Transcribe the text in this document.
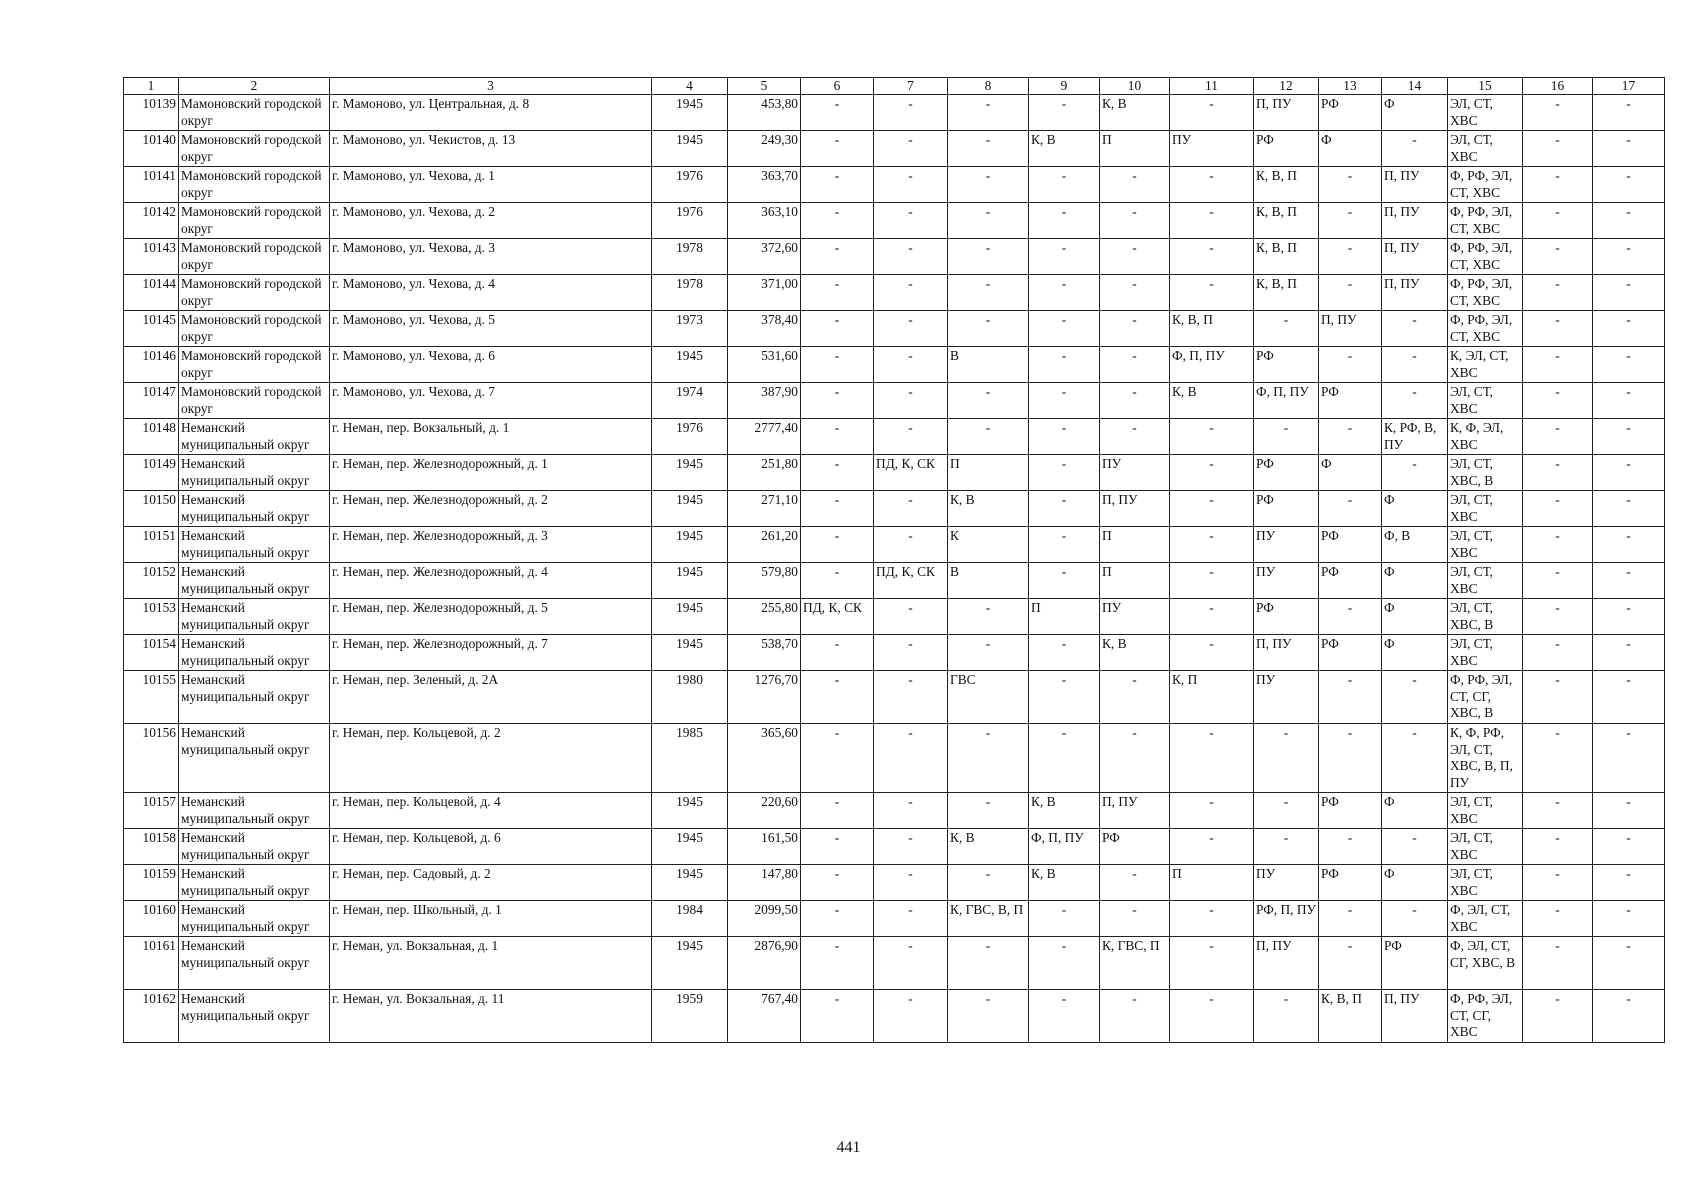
1	2	3	4	5	6	7	8	9	10	11	12	13	14	15	16	17
10139	Мамоновский городской округ	г. Мамоново, ул. Центральная, д. 8	1945	453,80	-	-	-	-	К, В	-	П, ПУ	РФ	Ф	ЭЛ, СТ, ХВС	-	-
10140	Мамоновский городской округ	г. Мамоново, ул. Чекистов, д. 13	1945	249,30	-	-	-	К, В	П	ПУ	РФ	Ф	-	ЭЛ, СТ, ХВС	-	-
10141	Мамоновский городской округ	г. Мамоново, ул. Чехова, д. 1	1976	363,70	-	-	-	-	-	-	К, В, П	-	П, ПУ	Ф, РФ, ЭЛ, СТ, ХВС	-	-
10142	Мамоновский городской округ	г. Мамоново, ул. Чехова, д. 2	1976	363,10	-	-	-	-	-	-	К, В, П	-	П, ПУ	Ф, РФ, ЭЛ, СТ, ХВС	-	-
10143	Мамоновский городской округ	г. Мамоново, ул. Чехова, д. 3	1978	372,60	-	-	-	-	-	-	К, В, П	-	П, ПУ	Ф, РФ, ЭЛ, СТ, ХВС	-	-
10144	Мамоновский городской округ	г. Мамоново, ул. Чехова, д. 4	1978	371,00	-	-	-	-	-	-	К, В, П	-	П, ПУ	Ф, РФ, ЭЛ, СТ, ХВС	-	-
10145	Мамоновский городской округ	г. Мамоново, ул. Чехова, д. 5	1973	378,40	-	-	-	-	-	К, В, П	-	П, ПУ	-	Ф, РФ, ЭЛ, СТ, ХВС	-	-
10146	Мамоновский городской округ	г. Мамоново, ул. Чехова, д. 6	1945	531,60	-	-	В	-	-	Ф, П, ПУ	РФ	-	-	К, ЭЛ, СТ, ХВС	-	-
10147	Мамоновский городской округ	г. Мамоново, ул. Чехова, д. 7	1974	387,90	-	-	-	-	-	К, В	Ф, П, ПУ	РФ	-	ЭЛ, СТ, ХВС	-	-
10148	Неманский муниципальный округ	г. Неман, пер. Вокзальный, д. 1	1976	2777,40	-	-	-	-	-	-	-	-	К, РФ, В, ПУ	К, Ф, ЭЛ, ХВС	-	-
10149	Неманский муниципальный округ	г. Неман, пер. Железнодорожный, д. 1	1945	251,80	-	ПД, К, СК	П	-	ПУ	-	РФ	Ф	-	ЭЛ, СТ, ХВС, В	-	-
10150	Неманский муниципальный округ	г. Неман, пер. Железнодорожный, д. 2	1945	271,10	-	-	К, В	-	П, ПУ	-	РФ	-	Ф	ЭЛ, СТ, ХВС	-	-
10151	Неманский муниципальный округ	г. Неман, пер. Железнодорожный, д. 3	1945	261,20	-	-	К	-	П	-	ПУ	РФ	Ф, В	ЭЛ, СТ, ХВС	-	-
10152	Неманский муниципальный округ	г. Неман, пер. Железнодорожный, д. 4	1945	579,80	-	ПД, К, СК	В	-	П	-	ПУ	РФ	Ф	ЭЛ, СТ, ХВС	-	-
10153	Неманский муниципальный округ	г. Неман, пер. Железнодорожный, д. 5	1945	255,80	ПД, К, СК	-	-	П	ПУ	-	РФ	-	Ф	ЭЛ, СТ, ХВС, В	-	-
10154	Неманский муниципальный округ	г. Неман, пер. Железнодорожный, д. 7	1945	538,70	-	-	-	-	К, В	-	П, ПУ	РФ	Ф	ЭЛ, СТ, ХВС	-	-
10155	Неманский муниципальный округ	г. Неман, пер. Зеленый, д. 2А	1980	1276,70	-	-	ГВС	-	-	К, П	ПУ	-	-	Ф, РФ, ЭЛ, СТ, СГ, ХВС, В	-	-
10156	Неманский муниципальный округ	г. Неман, пер. Кольцевой, д. 2	1985	365,60	-	-	-	-	-	-	-	-	-	К, Ф, РФ, ЭЛ, СТ, ХВС, В, П, ПУ	-	-
10157	Неманский муниципальный округ	г. Неман, пер. Кольцевой, д. 4	1945	220,60	-	-	-	К, В	П, ПУ	-	-	РФ	Ф	ЭЛ, СТ, ХВС	-	-
10158	Неманский муниципальный округ	г. Неман, пер. Кольцевой, д. 6	1945	161,50	-	-	К, В	Ф, П, ПУ	РФ	-	-	-	-	ЭЛ, СТ, ХВС	-	-
10159	Неманский муниципальный округ	г. Неман, пер. Садовый, д. 2	1945	147,80	-	-	-	К, В	-	П	ПУ	РФ	Ф	ЭЛ, СТ, ХВС	-	-
10160	Неманский муниципальный округ	г. Неман, пер. Школьный, д. 1	1984	2099,50	-	-	К, ГВС, В, П	-	-	-	РФ, П, ПУ	-	-	Ф, ЭЛ, СТ, ХВС	-	-
10161	Неманский муниципальный округ	г. Неман, ул. Вокзальная, д. 1	1945	2876,90	-	-	-	-	К, ГВС, П	-	П, ПУ	-	РФ	Ф, ЭЛ, СТ, СГ, ХВС, В	-	-
10162	Неманский муниципальный округ	г. Неман, ул. Вокзальная, д. 11	1959	767,40	-	-	-	-	-	-	-	К, В, П	П, ПУ	Ф, РФ, ЭЛ, СТ, СГ, ХВС	-	-
441
